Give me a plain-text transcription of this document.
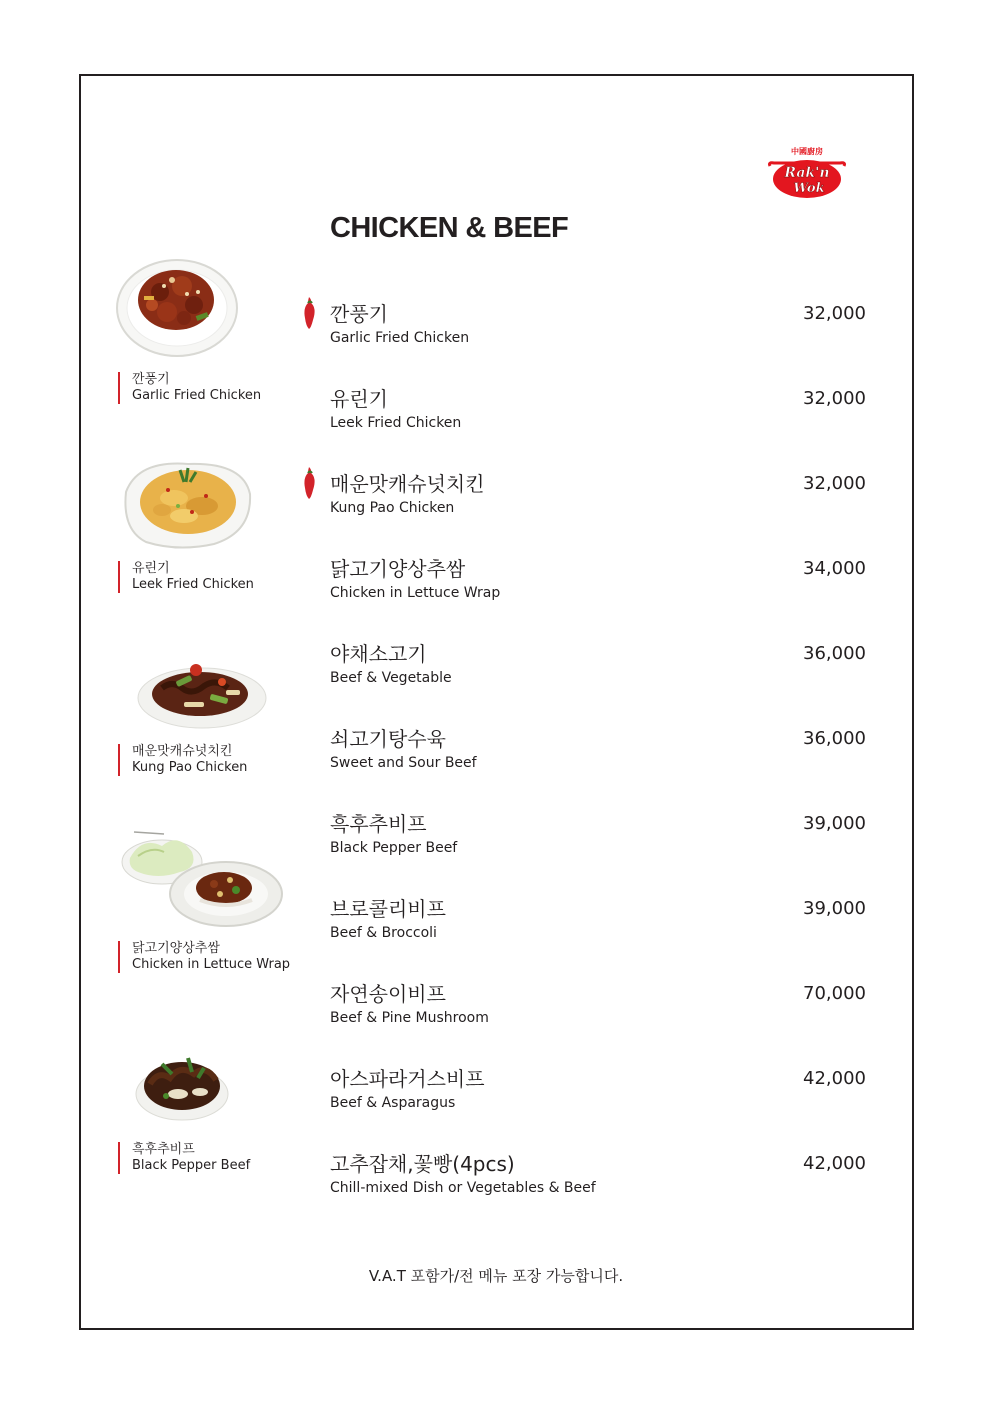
中國廚房
Rak'n
Wok
CHICKEN & BEEF
깐풍기
Garlic Fried Chicken
32,000
유린기
Leek Fried Chicken
32,000
매운맛캐슈넛치킨
Kung Pao Chicken
32,000
닭고기양상추쌈
Chicken in Lettuce Wrap
34,000
야채소고기
Beef & Vegetable
36,000
쇠고기탕수육
Sweet and Sour Beef
36,000
흑후추비프
Black Pepper Beef
39,000
브로콜리비프
Beef & Broccoli
39,000
자연송이비프
Beef & Pine Mushroom
70,000
아스파라거스비프
Beef & Asparagus
42,000
고추잡채,꽃빵(4pcs)
Chill-mixed Dish or Vegetables & Beef
42,000
깐풍기
Garlic Fried Chicken
유린기
Leek Fried Chicken
매운맛캐슈넛치킨
Kung Pao Chicken
닭고기양상추쌈
Chicken in Lettuce Wrap
흑후추비프
Black Pepper Beef
V.A.T 포함가/전 메뉴 포장 가능합니다.
